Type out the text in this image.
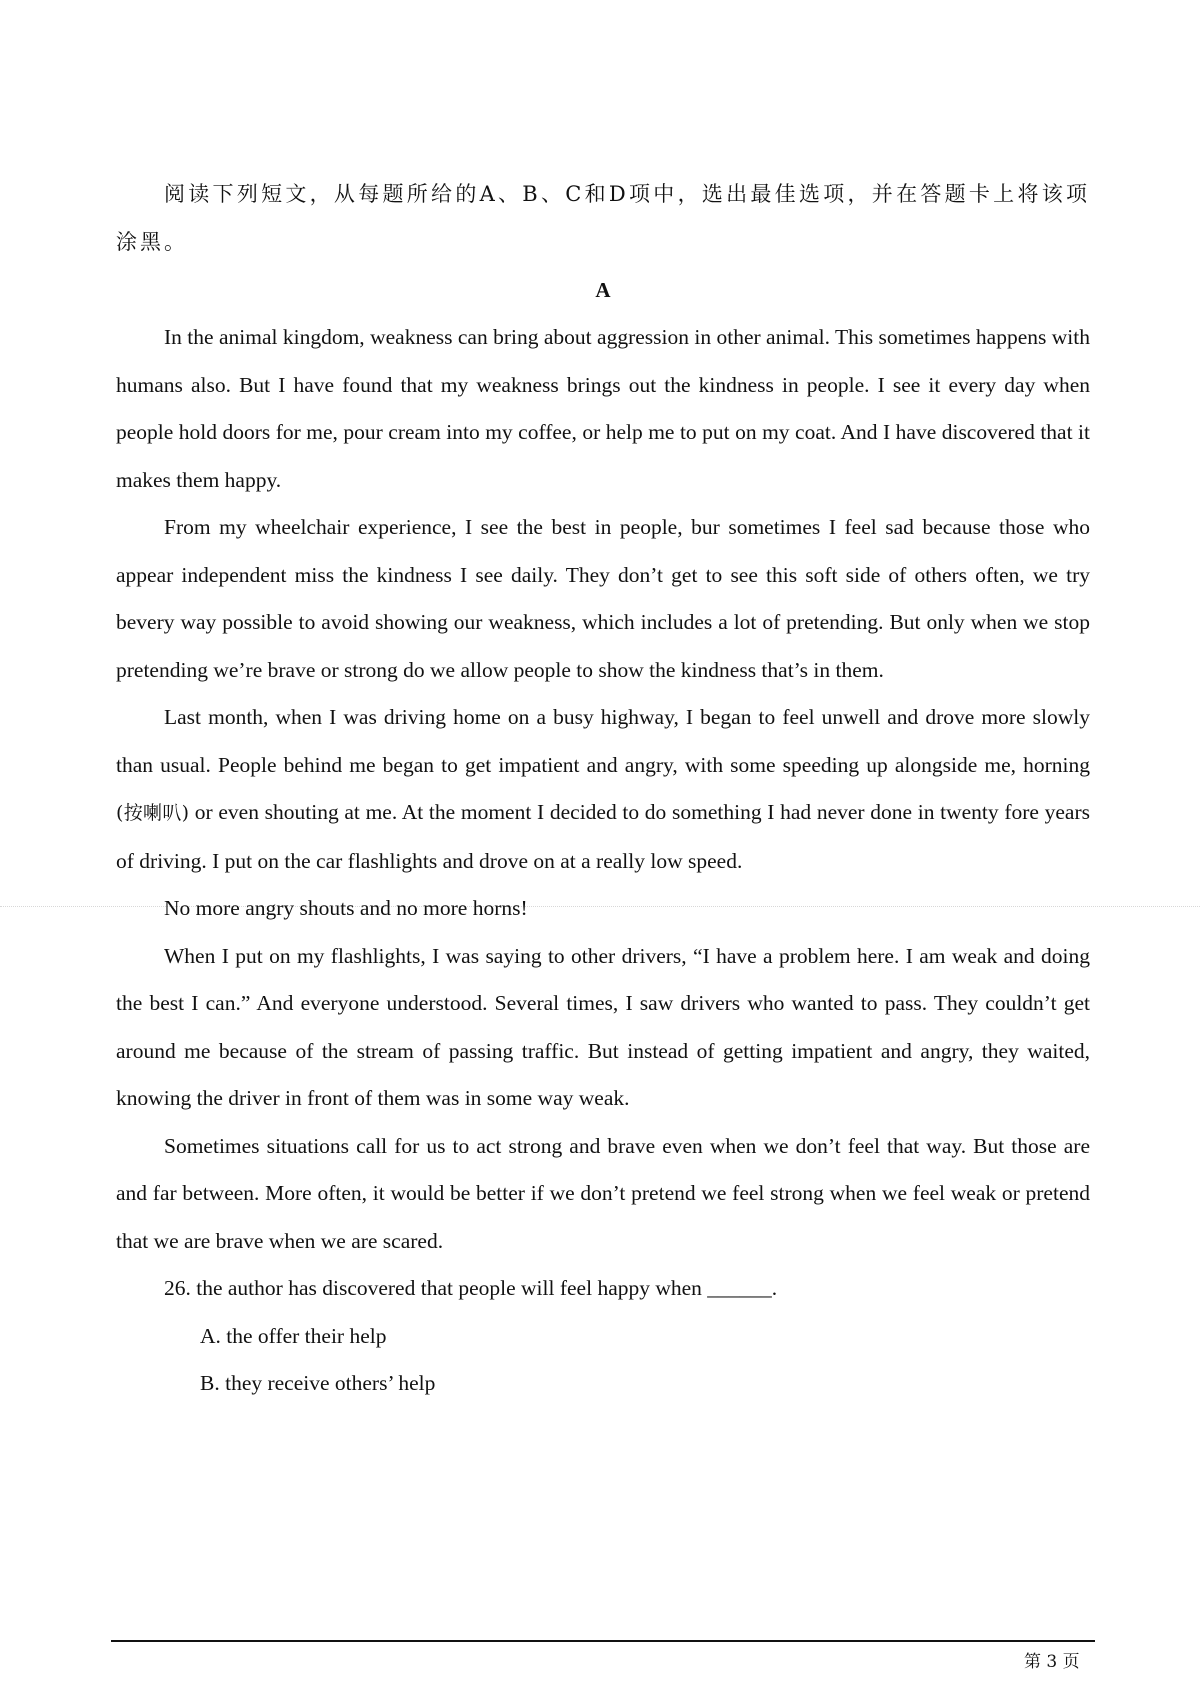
阅读下列短文，从每题所给的A、B、C和D项中，选出最佳选项，并在答题卡上将该项涂黑。

A

In the animal kingdom, weakness can bring about aggression in other animal. This sometimes happens with humans also. But I have found that my weakness brings out the kindness in people. I see it every day when people hold doors for me, pour cream into my coffee, or help me to put on my coat. And I have discovered that it makes them happy.

From my wheelchair experience, I see the best in people, bur sometimes I feel sad because those who appear independent miss the kindness I see daily. They don’t get to see this soft side of others often, we try bevery way possible to avoid showing our weakness, which includes a lot of pretending. But only when we stop pretending we’re brave or strong do we allow people to show the kindness that’s in them.

Last month, when I was driving home on a busy highway, I began to feel unwell and drove more slowly than usual. People behind me began to get impatient and angry, with some speeding up alongside me, horning (按喇叭) or even shouting at me. At the moment I decided to do something I had never done in twenty fore years of driving. I put on the car flashlights and drove on at a really low speed.

No more angry shouts and no more horns!

When I put on my flashlights, I was saying to other drivers, “I have a problem here. I am weak and doing the best I can.” And everyone understood. Several times, I saw drivers who wanted to pass. They couldn’t get around me because of the stream of passing traffic. But instead of getting impatient and angry, they waited, knowing the driver in front of them was in some way weak.

Sometimes situations call for us to act strong and brave even when we don’t feel that way. But those are and far between. More often, it would be better if we don’t pretend we feel strong when we feel weak or pretend that we are brave when we are scared.

26. the author has discovered that people will feel happy when ______.

A. the offer their help

B. they receive others’ help

第 3 页
